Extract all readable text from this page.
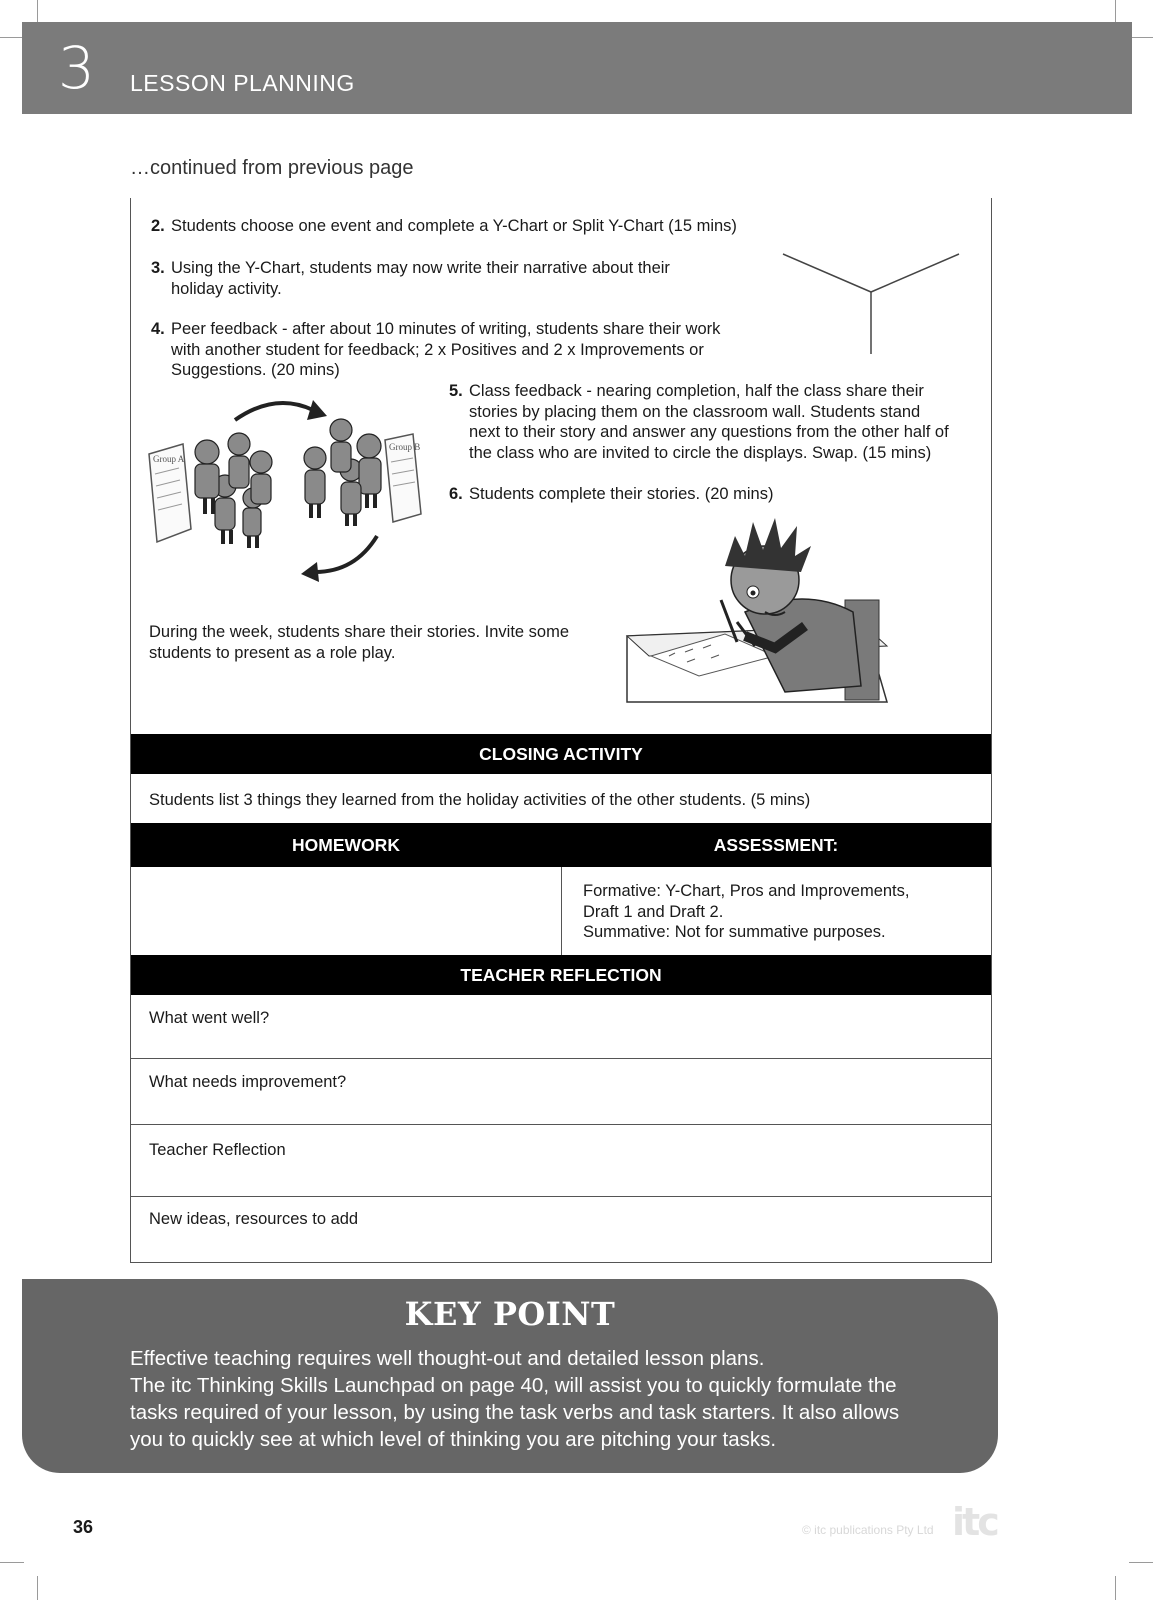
3 LESSON PLANNING
…continued from previous page
2. Students choose one event and complete a Y-Chart or Split Y-Chart (15 mins)
3. Using the Y-Chart, students may now write their narrative about their
holiday activity.
4. Peer feedback - after about 10 minutes of writing, students share their work
with another student for feedback; 2 x Positives and 2 x Improvements or
Suggestions. (20 mins)
5. Class feedback - nearing completion, half the class share their
stories by placing them on the classroom wall. Students stand
next to their story and answer any questions from the other half of
the class who are invited to circle the displays. Swap. (15 mins)
6. Students complete their stories. (20 mins)
Group A
Group B
During the week, students share their stories. Invite some
students to present as a role play.
CLOSING ACTIVITY
Students list 3 things they learned from the holiday activities of the other students. (5 mins)
HOMEWORK	ASSESSMENT:
Formative: Y-Chart, Pros and Improvements,
Draft 1 and Draft 2.
Summative: Not for summative purposes.
TEACHER REFLECTION
What went well?
What needs improvement?
Teacher Reflection
New ideas, resources to add
KEY POINT
Effective teaching requires well thought-out and detailed lesson plans.
The itc Thinking Skills Launchpad on page 40, will assist you to quickly formulate the
tasks required of your lesson, by using the task verbs and task starters. It also allows
you to quickly see at which level of thinking you are pitching your tasks.
36	© itc publications Pty Ltd itc
